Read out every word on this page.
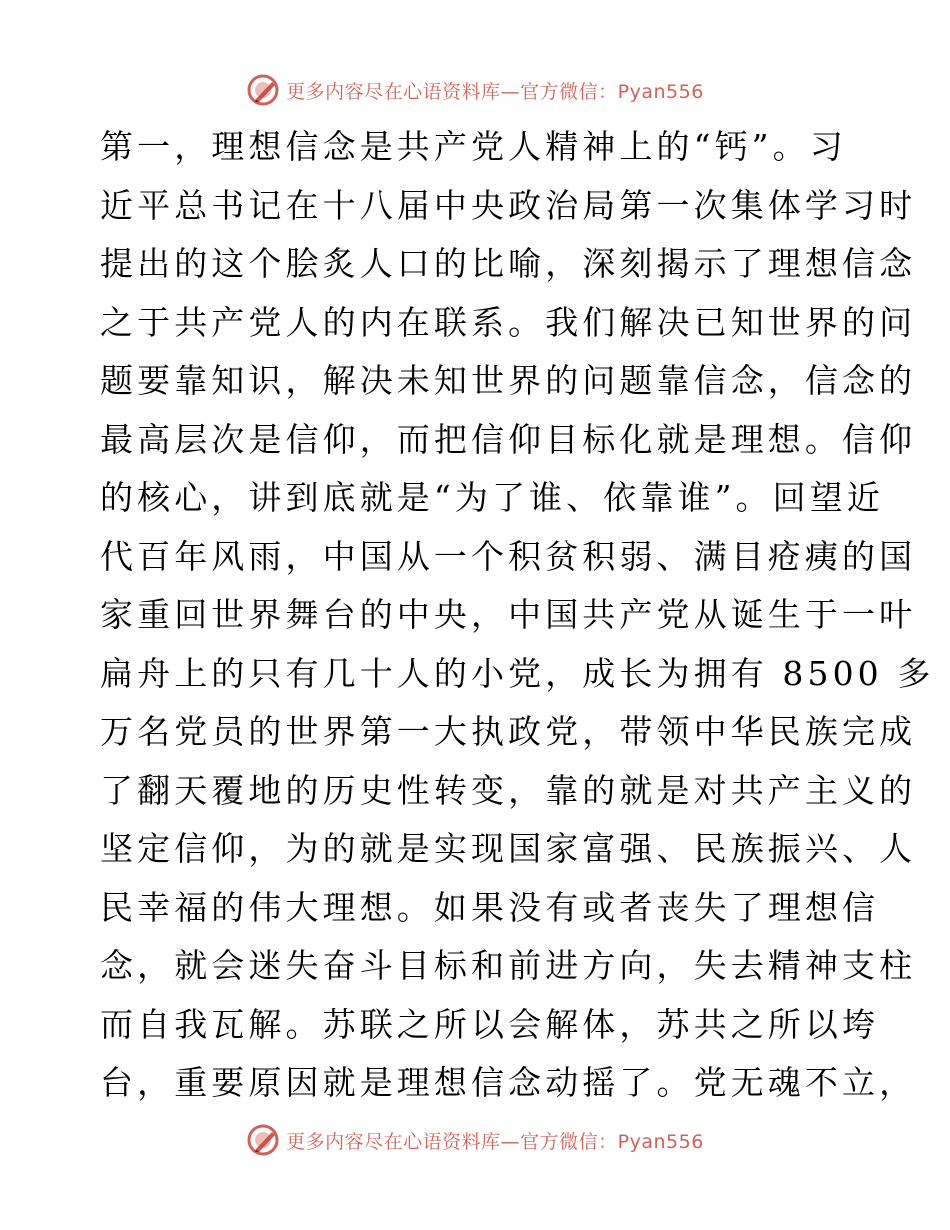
更多内容尽在心语资料库—官方微信：Pyan556
第一，理想信念是共产党人精神上的“钙”。习
近平总书记在十八届中央政治局第一次集体学习时
提出的这个脍炙人口的比喻，深刻揭示了理想信念
之于共产党人的内在联系。我们解决已知世界的问
题要靠知识，解决未知世界的问题靠信念，信念的
最高层次是信仰，而把信仰目标化就是理想。信仰
的核心，讲到底就是“为了谁、依靠谁”。回望近
代百年风雨，中国从一个积贫积弱、满目疮痍的国
家重回世界舞台的中央，中国共产党从诞生于一叶
扁舟上的只有几十人的小党，成长为拥有 8500 多
万名党员的世界第一大执政党，带领中华民族完成
了翻天覆地的历史性转变，靠的就是对共产主义的
坚定信仰，为的就是实现国家富强、民族振兴、人
民幸福的伟大理想。如果没有或者丧失了理想信
念，就会迷失奋斗目标和前进方向，失去精神支柱
而自我瓦解。苏联之所以会解体，苏共之所以垮
台，重要原因就是理想信念动摇了。党无魂不立，
更多内容尽在心语资料库—官方微信：Pyan556
